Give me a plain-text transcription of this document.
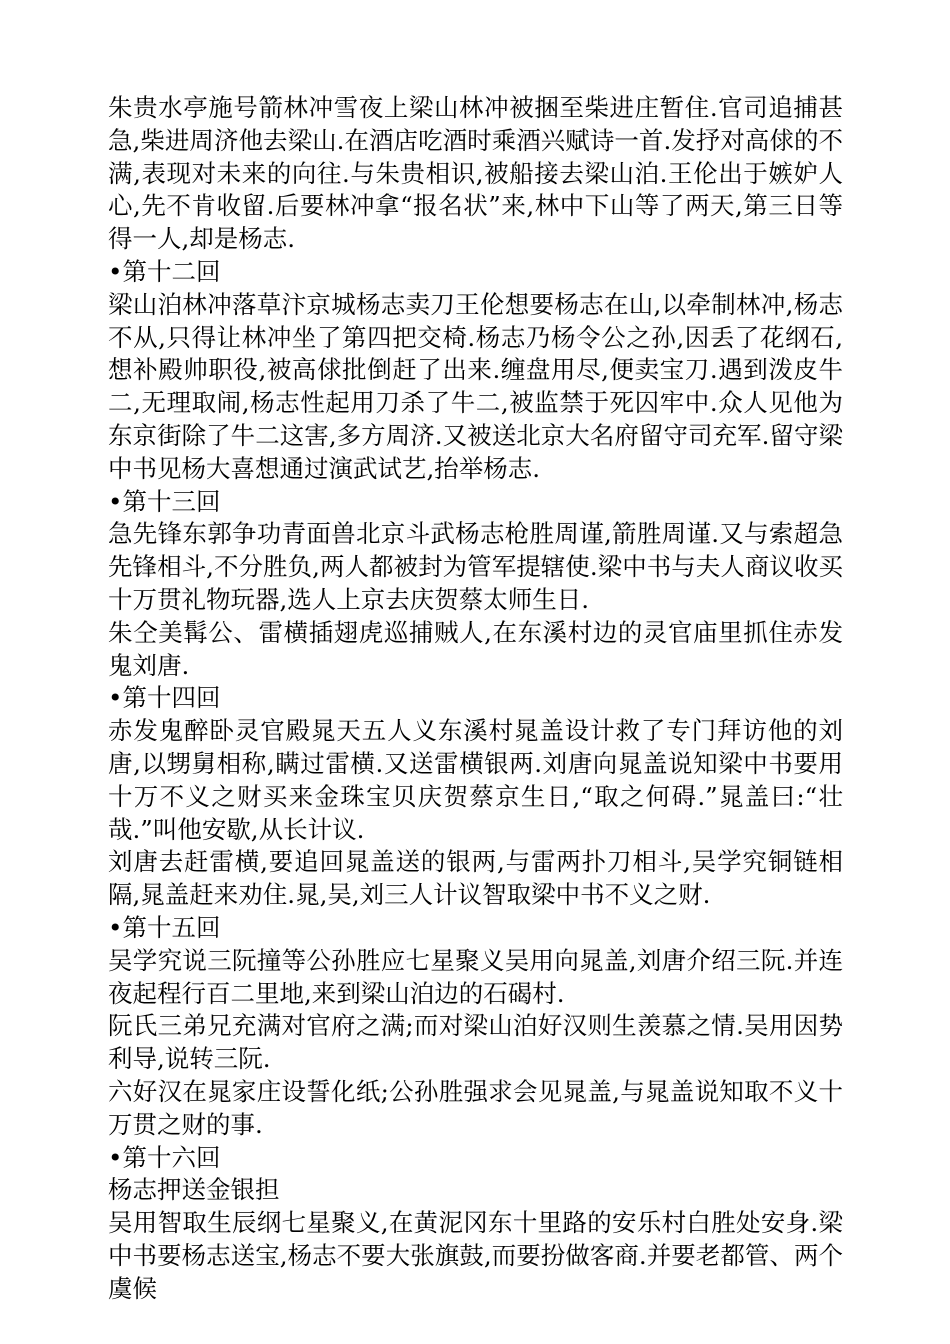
朱贵水亭施号箭林冲雪夜上梁山林冲被捆至柴进庄暂住.官司追捕甚急,柴进周济他去梁山.在酒店吃酒时乘酒兴赋诗一首.发抒对高俅的不满,表现对未来的向往.与朱贵相识,被船接去梁山泊.王伦出于嫉妒人心,先不肯收留.后要林冲拿“报名状”来,林中下山等了两天,第三日等得一人,却是杨志.

•第十二回

梁山泊林冲落草汴京城杨志卖刀王伦想要杨志在山,以牵制林冲,杨志不从,只得让林冲坐了第四把交椅.杨志乃杨令公之孙,因丢了花纲石,想补殿帅职役,被高俅批倒赶了出来.缠盘用尽,便卖宝刀.遇到泼皮牛二,无理取闹,杨志性起用刀杀了牛二,被监禁于死囚牢中.众人见他为东京街除了牛二这害,多方周济.又被送北京大名府留守司充军.留守梁中书见杨大喜想通过演武试艺,抬举杨志.

•第十三回

急先锋东郭争功青面兽北京斗武杨志枪胜周谨,箭胜周谨.又与索超急先锋相斗,不分胜负,两人都被封为管军提辖使.梁中书与夫人商议收买十万贯礼物玩器,选人上京去庆贺蔡太师生日.

朱仝美髯公、雷横插翅虎巡捕贼人,在东溪村边的灵官庙里抓住赤发鬼刘唐.

•第十四回

赤发鬼醉卧灵官殿晁天五人义东溪村晁盖设计救了专门拜访他的刘唐,以甥舅相称,瞒过雷横.又送雷横银两.刘唐向晁盖说知梁中书要用十万不义之财买来金珠宝贝庆贺蔡京生日,“取之何碍.”晁盖曰:“壮哉.”叫他安歇,从长计议.

刘唐去赶雷横,要追回晁盖送的银两,与雷两扑刀相斗,吴学究铜链相隔,晁盖赶来劝住.晁,吴,刘三人计议智取梁中书不义之财.

•第十五回

吴学究说三阮撞等公孙胜应七星聚义吴用向晁盖,刘唐介绍三阮.并连夜起程行百二里地,来到梁山泊边的石碣村.

阮氏三弟兄充满对官府之满;而对梁山泊好汉则生羡慕之情.吴用因势利导,说转三阮.

六好汉在晁家庄设誓化纸;公孙胜强求会见晁盖,与晁盖说知取不义十万贯之财的事.

•第十六回

杨志押送金银担

吴用智取生辰纲七星聚义,在黄泥冈东十里路的安乐村白胜处安身.梁中书要杨志送宝,杨志不要大张旗鼓,而要扮做客商.并要老都管、两个虞候
